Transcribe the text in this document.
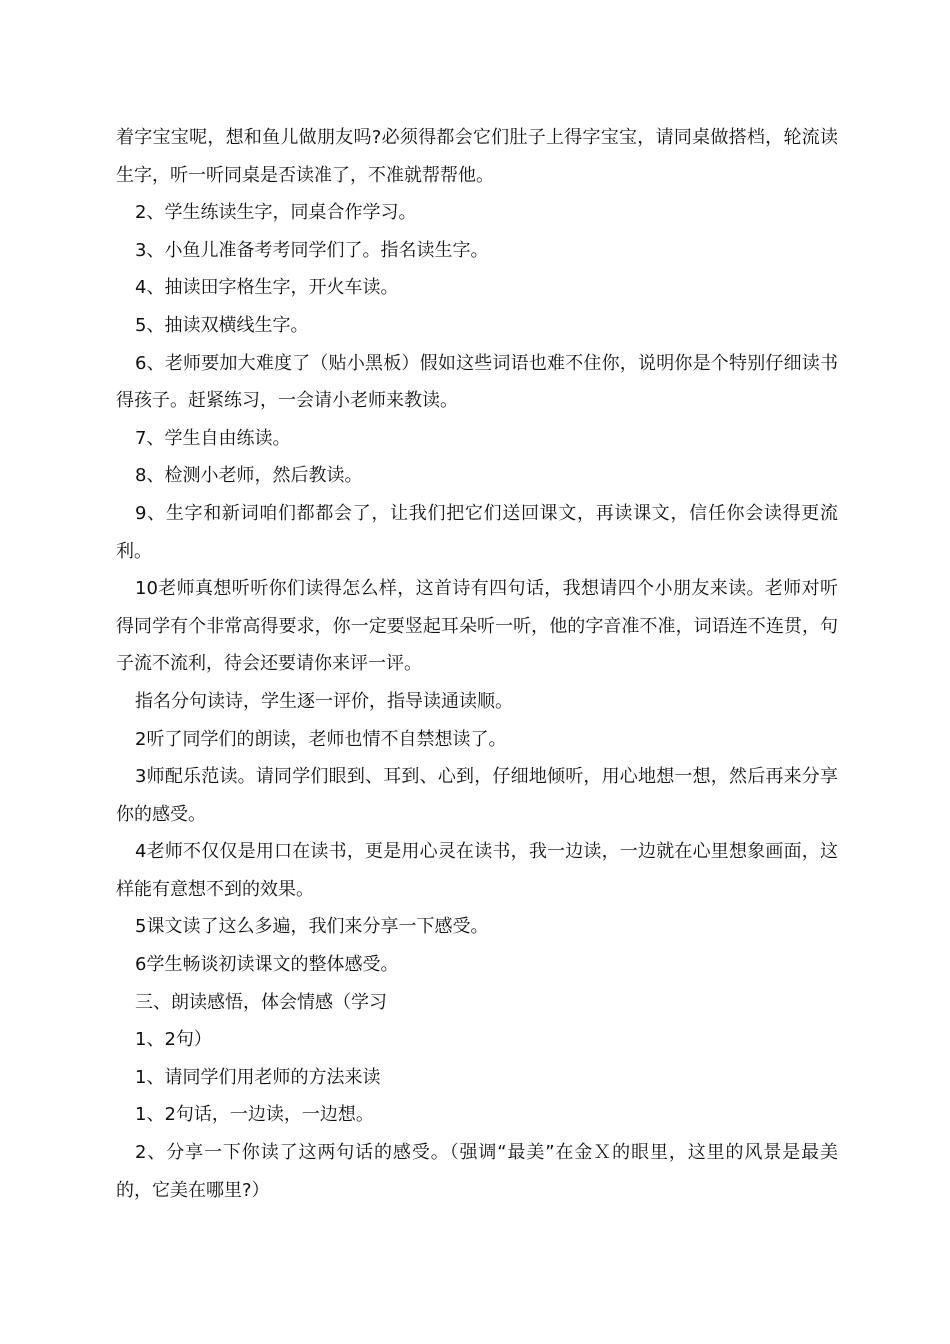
着字宝宝呢，想和鱼儿做朋友吗?必须得都会它们肚子上得字宝宝，请同桌做搭档，轮流读生字，听一听同桌是否读准了，不准就帮帮他。

2、学生练读生字，同桌合作学习。

3、小鱼儿准备考考同学们了。指名读生字。

4、抽读田字格生字，开火车读。

5、抽读双横线生字。

6、老师要加大难度了（贴小黑板）假如这些词语也难不住你，说明你是个特别仔细读书得孩子。赶紧练习，一会请小老师来教读。

7、学生自由练读。

8、检测小老师，然后教读。

9、生字和新词咱们都都会了，让我们把它们送回课文，再读课文，信任你会读得更流利。

10老师真想听听你们读得怎么样，这首诗有四句话，我想请四个小朋友来读。老师对听得同学有个非常高得要求，你一定要竖起耳朵听一听，他的字音准不准，词语连不连贯，句子流不流利，待会还要请你来评一评。

指名分句读诗，学生逐一评价，指导读通读顺。

2听了同学们的朗读，老师也情不自禁想读了。

3师配乐范读。请同学们眼到、耳到、心到，仔细地倾听，用心地想一想，然后再来分享你的感受。

4老师不仅仅是用口在读书，更是用心灵在读书，我一边读，一边就在心里想象画面，这样能有意想不到的效果。

5课文读了这么多遍，我们来分享一下感受。

6学生畅谈初读课文的整体感受。

三、朗读感悟，体会情感（学习

1、2句）

1、请同学们用老师的方法来读

1、2句话，一边读，一边想。

2、分享一下你读了这两句话的感受。（强调“最美”在金Ｘ的眼里，这里的风景是最美的，它美在哪里?）
